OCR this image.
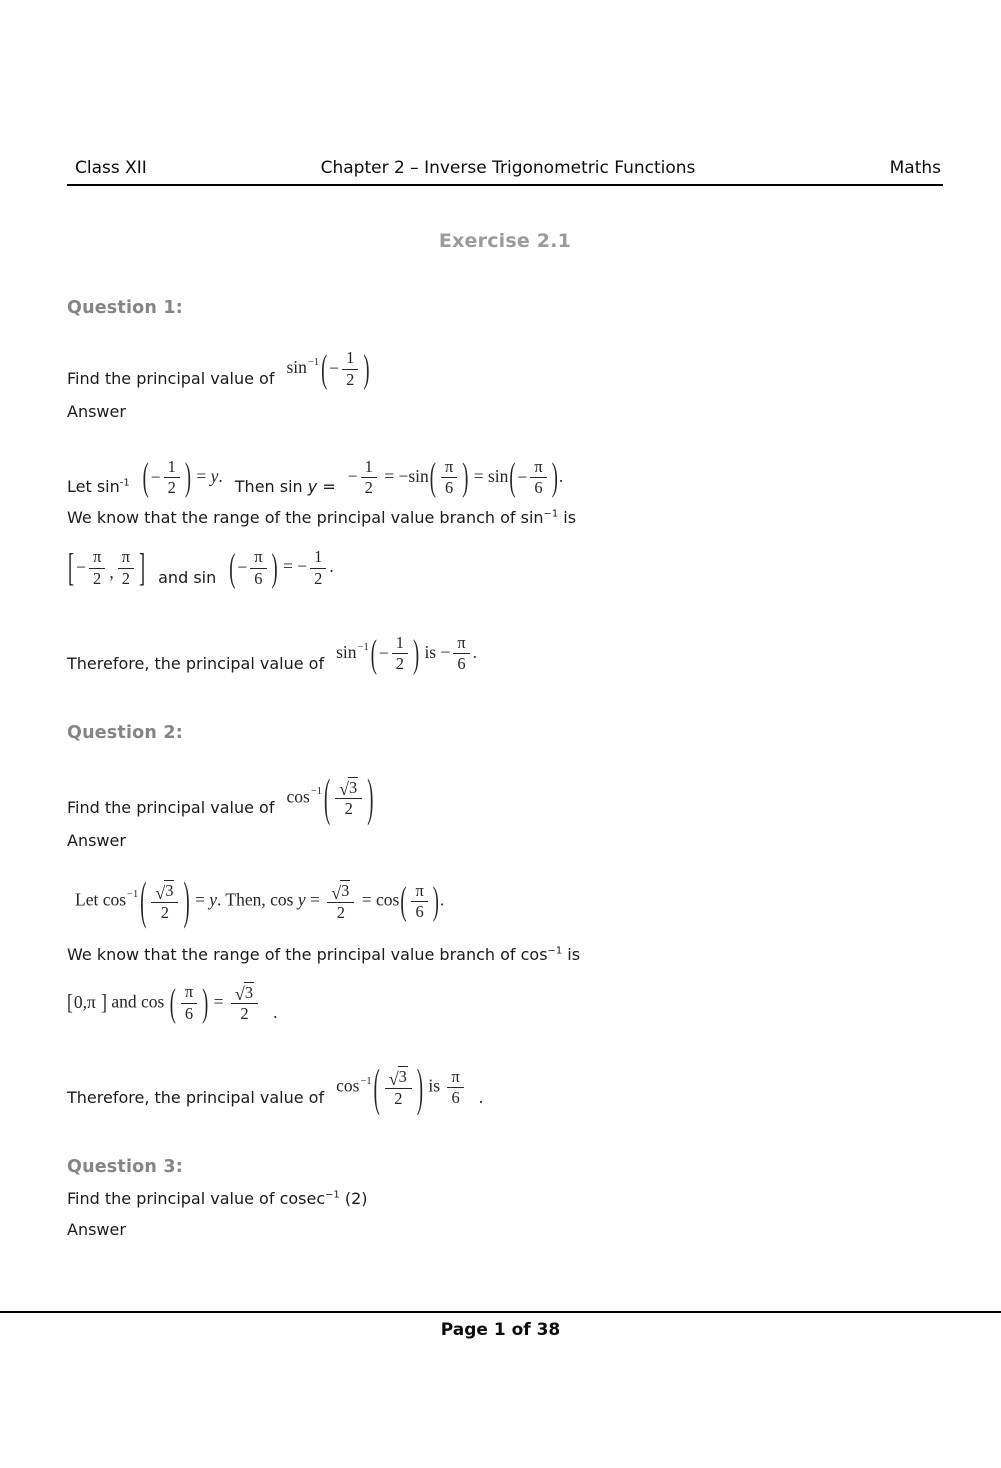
Class XII	Chapter 2 – Inverse Trigonometric Functions	Maths
Exercise 2.1
Question 1:
Find the principal value of
$\sin^{-1}$ ( − $\frac{1}{2}$ )
Answer
Let $\sin^{-1}$ ( − $\frac{1}{2}$ ) = y.
Then sin y =
− $\frac{1}{2} = -\sin$ ( $\frac{\pi}{6}$ ) = sin ( − $\frac{\pi}{6}$ ) .
We know that the range of the principal value branch of $\sin^{-1}$ is
[ − $\frac{\pi}{2}$ , $\frac{\pi}{2}$ ] and sin ( − $\frac{\pi}{6}$ ) = − $\frac{1}{2}$ .
Therefore, the principal value of
$\sin^{-1}$ ( − $\frac{1}{2}$ ) is − $\frac{\pi}{6}$ .
Question 2:
Find the principal value of
$\cos^{-1}$ ( $\frac{√ 3}{2}$ )
Answer
Let $\cos^{-1}$ ( $\frac{√ 3}{2}$ ) = y. Then, $\cos y = \frac{√ 3}{2} = \cos$ ( $\frac{\pi}{6}$ ) .
We know that the range of the principal value branch of $\cos^{-1}$ is
[ 0,π ] and cos ( $\frac{\pi}{6}$ ) = $\frac{√ 3}{2}$ .
Therefore, the principal value of
$\cos^{-1}$ ( $\frac{√ 3}{2}$ ) is $\frac{\pi}{6}$ .
Question 3:
Find the principal value of cosec$^{-1}$ (2)
Answer
Page 1 of 38
